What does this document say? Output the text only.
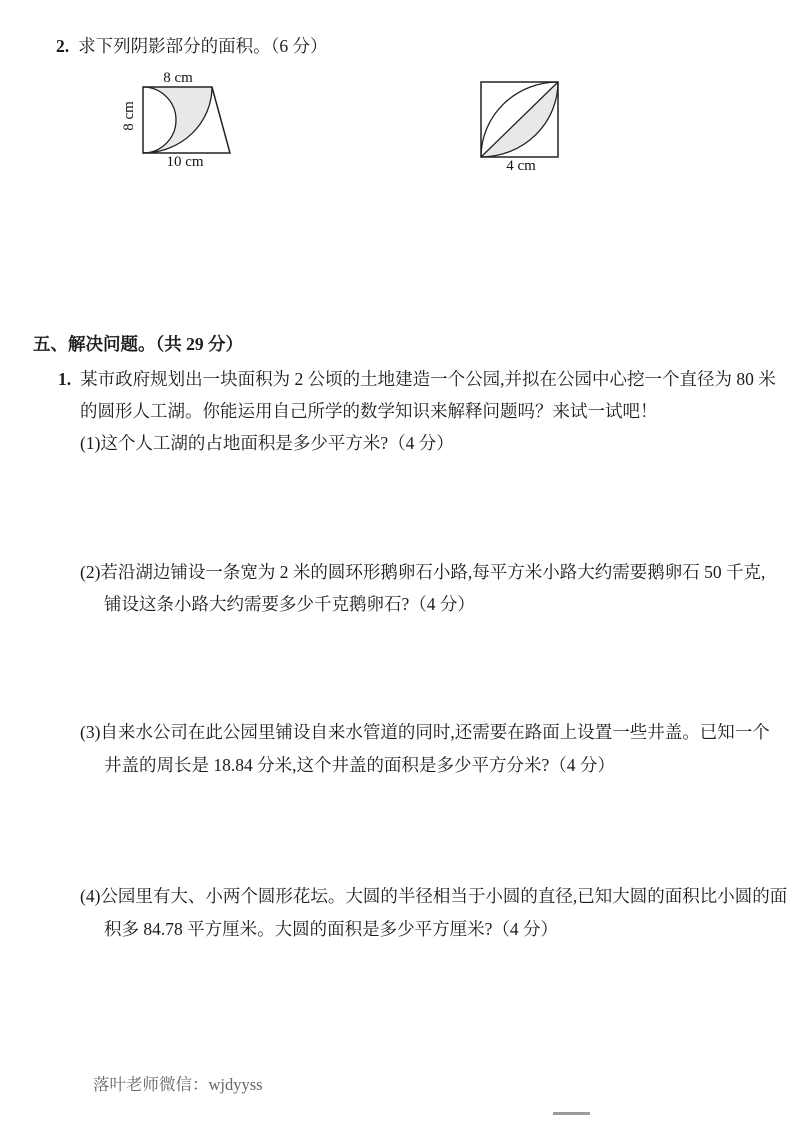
2. 求下列阴影部分的面积。（6 分）
8 cm
8 cm
10 cm	4 cm
五、解决问题。（共 29 分）
1. 某市政府规划出一块面积为 2 公顷的土地建造一个公园,并拟在公园中心挖一个直径为 80 米
的圆形人工湖。你能运用自己所学的数学知识来解释问题吗？来试一试吧！
(1)这个人工湖的占地面积是多少平方米?（4 分）
(2)若沿湖边铺设一条宽为 2 米的圆环形鹅卵石小路,每平方米小路大约需要鹅卵石 50 千克,
铺设这条小路大约需要多少千克鹅卵石?（4 分）
(3)自来水公司在此公园里铺设自来水管道的同时,还需要在路面上设置一些井盖。已知一个
井盖的周长是 18.84 分米,这个井盖的面积是多少平方分米?（4 分）
(4)公园里有大、小两个圆形花坛。大圆的半径相当于小圆的直径,已知大圆的面积比小圆的面
积多 84.78 平方厘米。大圆的面积是多少平方厘米?（4 分）
落叶老师微信：wjdyyss
